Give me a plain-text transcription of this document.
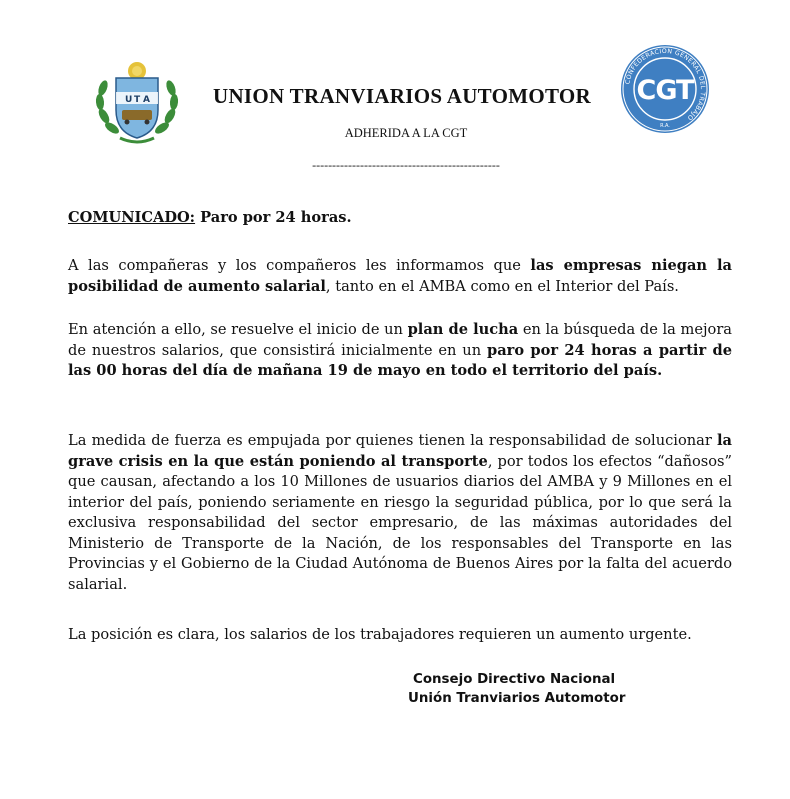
U T A	UNION TRANVIARIOS AUTOMOTOR
ADHERIDA A LA CGT
-----------------------------------------------
CONFEDERACION GENERAL DEL TRABAJO
CGT
R.A.

COMUNICADO: Paro por 24 horas.

A las compañeras y los compañeros les informamos que las empresas niegan la posibilidad de aumento salarial, tanto en el AMBA como en el Interior del País.

En atención a ello, se resuelve el inicio de un plan de lucha en la búsqueda de la mejora de nuestros salarios, que consistirá inicialmente en un paro por 24 horas a partir de las 00 horas del día de mañana 19 de mayo en todo el territorio del país.

La medida de fuerza es empujada por quienes tienen la responsabilidad de solucionar la grave crisis en la que están poniendo al transporte, por todos los efectos “dañosos” que causan, afectando a los 10 Millones de usuarios diarios del AMBA y 9 Millones en el interior del país, poniendo seriamente en riesgo la seguridad pública, por lo que será la exclusiva responsabilidad del sector empresario, de las máximas autoridades del Ministerio de Transporte de la Nación, de los responsables del Transporte en las Provincias y el Gobierno de la Ciudad Autónoma de Buenos Aires por la falta del acuerdo salarial.

La posición es clara, los salarios de los trabajadores requieren un aumento urgente.

Consejo Directivo Nacional
Unión Tranviarios Automotor
